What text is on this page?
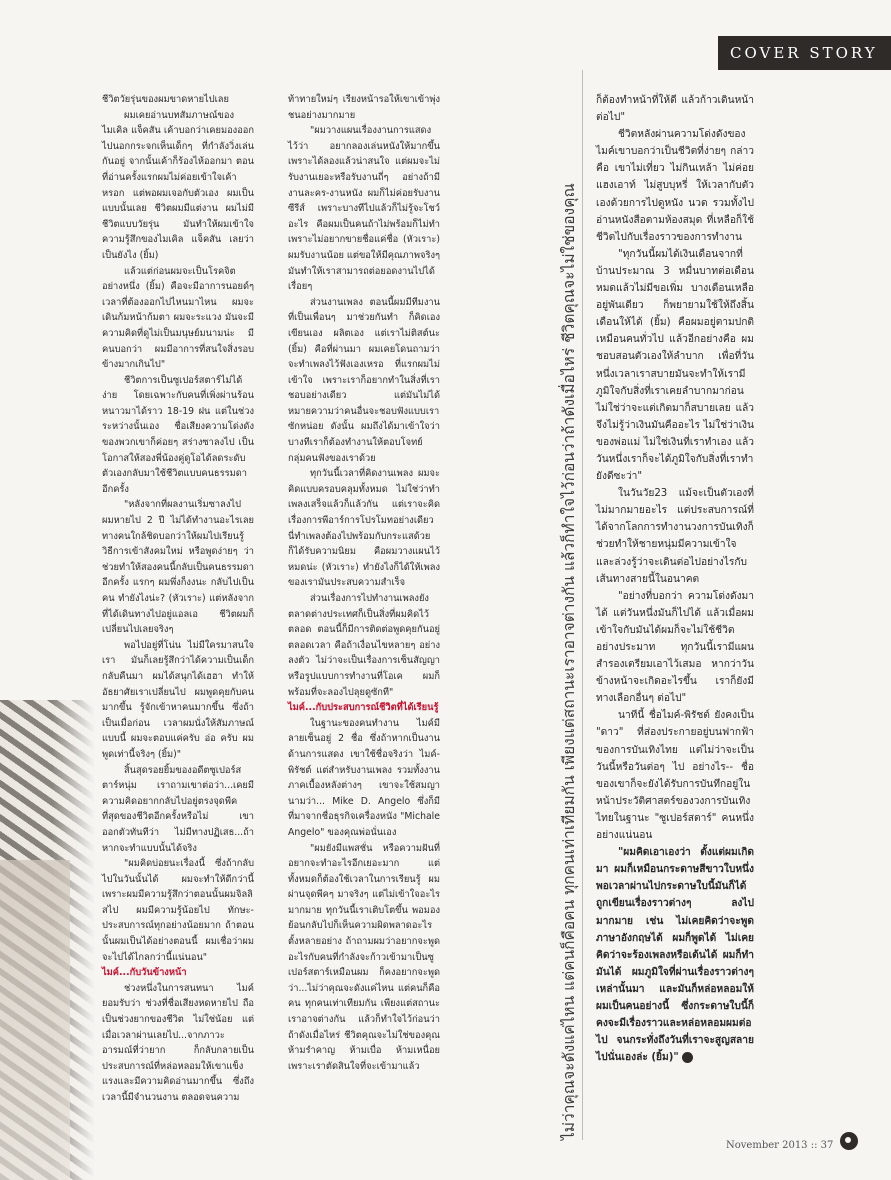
COVER STORY

ชีวิตวัยรุ่นของผมขาดหายไปเลย

ผมเคยอ่านบทสัมภาษณ์ของไมเคิล แจ็คสัน เค้าบอกว่าเคยมองออกไปนอกกระจกเห็นเด็กๆ ที่กำลังวิ่งเล่นกันอยู่ จากนั้นเค้าก็ร้องไห้ออกมา ตอนที่อ่านครั้งแรกผมไม่ค่อยเข้าใจเค้าหรอก แต่พอผมเจอกับตัวเอง ผมเป็นแบบนั้นเลย ชีวิตผมมีแต่งาน ผมไม่มีชีวิตแบบวัยรุ่น มันทำให้ผมเข้าใจความรู้สึกของไมเคิล แจ็คสัน เลยว่าเป็นยังไง (ยิ้ม)

แล้วแต่ก่อนผมจะเป็นโรคจิตอย่างหนึ่ง (ยิ้ม) คือจะมีอาการนอยด์ๆ เวลาที่ต้องออกไปไหนมาไหน ผมจะเดินก้มหน้าก้มตา ผมจะระแวง มันจะมีความคิดที่ดูไม่เป็นมนุษย์มนามน่ะ มีคนบอกว่า ผมมีอาการที่สนใจสิ่งรอบข้างมากเกินไป"

ชีวิตการเป็นซูเปอร์สตาร์ไม่ได้ง่าย โดยเฉพาะกับคนที่เพิ่งผ่านร้อนหนาวมาได้ราว 18-19 ฝน แต่ในช่วงระหว่างนั้นเอง ชื่อเสียงความโด่งดังของพวกเขาก็ค่อยๆ สร่างซาลงไป เป็นโอกาสให้สองพี่น้องคู่ดูโอได้ลดระดับตัวเองกลับมาใช้ชีวิตแบบคนธรรมดาอีกครั้ง

"หลังจากที่ผลงานเริ่มซาลงไป ผมหายไป 2 ปี ไม่ได้ทำงานอะไรเลย ทางคนใกล้ชิดบอกว่าให้ผมไปเรียนรู้วิธีการเข้าสังคมใหม่ หรือพูดง่ายๆ ว่าช่วยทำให้สองคนนี้กลับเป็นคนธรรมดาอีกครั้ง แรกๆ ผมพึ่งก็งงนะ กลับไปเป็นคน ทำยังไงน่ะ? (หัวเราะ) แต่หลังจากที่ได้เดินทางไปอยู่แอลเอ ชีวิตผมก็เปลี่ยนไปเลยจริงๆ

พอไปอยู่ที่โน่น ไม่มีใครมาสนใจเรา มันก็เลยรู้สึกว่าได้ความเป็นเด็กกลับคืนมา ผมได้สนุกได้เฮฮา ทำให้อัธยาศัยเราเปลี่ยนไป ผมพูดคุยกับคนมากขึ้น รู้จักเข้าหาคนมากขึ้น ซึ่งถ้าเป็นเมื่อก่อน เวลาผมนั่งให้สัมภาษณ์แบบนี้ ผมจะตอบแค่ครับ อ่อ ครับ ผมพูดเท่านี้จริงๆ (ยิ้ม)"

สิ้นสุดรอยยิ้มของอดีตซูเปอร์สตาร์หนุ่ม เราถามเขาต่อว่า...เคยมีความคิดอยากกลับไปอยู่ตรงจุดพีคที่สุดของชีวิตอีกครั้งหรือไม่ เขาออกตัวทันทีว่า ไม่มีทางปฏิเสธ...ถ้าหากจะทำแบบนั้นได้จริง

"ผมคิดบ่อยนะเรื่องนี้ ซึ่งถ้ากลับไปในวันนั้นได้ ผมจะทำให้ดีกว่านี้ เพราะผมมีความรู้สึกว่าตอนนั้นผมจิลลิสไป ผมมีความรู้น้อยไป ทักษะ-ประสบการณ์ทุกอย่างน้อยมาก ถ้าตอนนั้นผมเป็นได้อย่างตอนนี้ ผมเชื่อว่าผมจะไปได้ไกลกว่านี้แน่นอน"

ไมค์...กับวันข้างหน้า

ช่วงหนึ่งในการสนทนา ไมค์ยอมรับว่า ช่วงที่ชื่อเสียงหดหายไป ถือเป็นช่วงยากของชีวิต ไม่ใช่น้อย แต่เมื่อเวลาผ่านเลยไป...จากภาวะอารมณ์ที่ว่ายาก ก็กลับกลายเป็นประสบการณ์ที่หล่อหลอมให้เขาแข็งแรงและมีความคิดอ่านมากขึ้น ซึ่งถึงเวลานี้มีจำนวนงาน ตลอดจนความ

ท้าทายใหม่ๆ เรียงหน้ารอให้เขาเข้าพุ่งชนอย่างมากมาย

"ผมวางแผนเรื่องงานการแสดงไว้ว่า อยากลองเล่นหนังให้มากขึ้น เพราะได้ลองแล้วน่าสนใจ แต่ผมจะไม่รับงานเยอะหรือรับงานถี่ๆ อย่างถ้ามีงานละคร-งานหนัง ผมก็ไม่ค่อยรับงานซีรีส์ เพราะบางทีไปแล้วก็ไม่รู้จะโชว์อะไร คือผมเป็นคนถ้าไม่พร้อมก็ไม่ทำ เพราะไม่อยากขายชื่อแค่ชื่อ (หัวเราะ) ผมรับงานน้อย แต่ขอให้มีคุณภาพจริงๆ มันทำให้เราสามารถต่อยอดงานไปได้เรื่อยๆ

ส่วนงานเพลง ตอนนี้ผมมีทีมงานที่เป็นเพื่อนๆ มาช่วยกันทำ ก็คิดเอง เขียนเอง ผลิตเอง แต่เราไม่ติสต์นะ (ยิ้ม) คือที่ผ่านมา ผมเคยโดนถามว่า จะทำเพลงไว้ฟังเองเหรอ ที่แรกผมไม่เข้าใจ เพราะเราก็อยากทำในสิ่งที่เราชอบอย่างเดียว แต่มันไม่ได้หมายความว่าคนอื่นจะชอบฟังแบบเราซักหน่อย ดังนั้น ผมถึงได้มาเข้าใจว่า บางทีเราก็ต้องทำงานให้ตอบโจทย์กลุ่มคนฟังของเราด้วย

ทุกวันนี้เวลาที่คิดงานเพลง ผมจะคิดแบบครอบคลุมทั้งหมด ไม่ใช่ว่าทำเพลงเสร็จแล้วก็แล้วกัน แต่เราจะคิดเรื่องการพีอาร์การโปรโมทอย่างเดียวนี่ทำเพลงต้องไปพร้อมกับกระแสด้วยก็ได้รับความนิยม คือผมวางแผนไว้หมดน่ะ (หัวเราะ) ทำยังไงก็ได้ให้เพลงของเรามันประสบความสำเร็จ

ส่วนเรื่องการไปทำงานเพลงยังตลาดต่างประเทศก็เป็นสิ่งที่ผมคิดไว้ตลอด ตอนนี้ก็มีการติดต่อพูดคุยกันอยู่ตลอดเวลา คือถ้าเงื่อนไขหลายๆ อย่างลงตัว ไม่ว่าจะเป็นเรื่องการเซ็นสัญญาหรือรูปแบบการทำงานที่โอเค ผมก็พร้อมที่จะลองไปลุยดูซักที"

ไมค์...กับประสบการณ์ชีวิตที่ได้เรียนรู้

ในฐานะของคนทำงาน ไมค์มีลายเซ็นอยู่ 2 ชื่อ ซึ่งถ้าหากเป็นงานด้านการแสดง เขาใช้ชื่อจริงว่า ไมค์-พิรัชต์ แต่สำหรับงานเพลง รวมทั้งงานภาคเบื้องหลังต่างๆ เขาจะใช้สมญานามว่า... Mike D. Angelo ซึ่งก็มีที่มาจากชื่อธุรกิจเครื่องหนัง "Michale Angelo" ของคุณพ่อนั่นเอง

"ผมยังมีแพสชั่น หรือความฝันที่อยากจะทำอะไรอีกเยอะมาก แต่ทั้งหมดก็ต้องใช้เวลาในการเรียนรู้ ผมผ่านจุดพีคๆ มาจริงๆ แต่ไม่เข้าใจอะไรมากมาย ทุกวันนี้เราเติบโตขึ้น พอมองย้อนกลับไปก็เห็นความผิดพลาดอะไรตั้งหลายอย่าง ถ้าถามผมว่าอยากจะพูดอะไรกับคนที่กำลังจะก้าวเข้ามาเป็นซูเปอร์สตาร์เหมือนผม ก็คงอยากจะพูดว่า...ไม่ว่าคุณจะดังแค่ไหน แต่คนก็คือคน ทุกคนเท่าเทียมกัน เพียงแต่สถานะเราอาจต่างกัน แล้วก็ทำใจไว้ก่อนว่าถ้าดังเมื่อไหร่ ชีวิตคุณจะไม่ใช่ของคุณ ห้ามรำคาญ ห้ามเบื่อ ห้ามเหนื่อย เพราะเราตัดสินใจที่จะเข้ามาแล้ว	ไม่ว่าคุณจะดังแค่ไหน แต่คนก็คือคน ทุกคนเท่าเทียมกัน เพียงแต่สถานะเราอาจต่างกัน แล้วก็ทำใจไว้ก่อนว่าถ้าดังเมื่อไหร่ ชีวิตคุณจะไม่ใช่ของคุณ

ก็ต้องทำหน้าที่ให้ดี แล้วก้าวเดินหน้าต่อไป"

ชีวิตหลังผ่านความโด่งดังของไมค์เขาบอกว่าเป็นชีวิตที่ง่ายๆ กล่าวคือ เขาไม่เที่ยว ไม่กินเหล้า ไม่ค่อยแฮงเอาท์ ไม่สูบบุหรี่ ให้เวลากับตัวเองด้วยการไปดูหนัง นวด รวมทั้งไปอ่านหนังสือตามห้องสมุด ที่เหลือก็ใช้ชีวิตไปกับเรื่องราวของการทำงาน

"ทุกวันนี้ผมได้เงินเดือนจากที่บ้านประมาณ 3 หมื่นบาทต่อเดือน หมดแล้วไม่มีขอเพิ่ม บางเดือนเหลืออยู่พันเดียว ก็พยายามใช้ให้ถึงสิ้นเดือนให้ได้ (ยิ้ม) คือผมอยู่ตามปกติเหมือนคนทั่วไป แล้วอีกอย่างคือ ผมชอบสอนตัวเองให้ลำบาก เพื่อที่วันหนึ่งเวลาเราสบายมันจะทำให้เรามีภูมิใจกับสิ่งที่เราเคยลำบากมาก่อน ไม่ใช่ว่าจะแต่เกิดมาก็สบายเลย แล้วจึงไม่รู้ว่าเงินมันคืออะไร ไม่ใช่ว่าเงินของพ่อแม่ ไม่ใช่เงินที่เราทำเอง แล้ววันหนึ่งเราก็จะได้ภูมิใจกับสิ่งที่เราทำยังดีซะว่า"

ในวันวัย23 แม้จะเป็นตัวเองที่ไม่มากมายอะไร แต่ประสบการณ์ที่ได้จากโลกการทำงานวงการบันเทิงก็ช่วยทำให้ชายหนุ่มมีความเข้าใจและล่วงรู้ว่าจะเดินต่อไปอย่างไรกับเส้นทางสายนี้ในอนาคต

"อย่างที่บอกว่า ความโด่งดังมาได้ แต่วันหนึ่งมันก็ไปได้ แล้วเมื่อผมเข้าใจกับมันได้ผมก็จะไม่ใช้ชีวิตอย่างประมาท ทุกวันนี้เรามีแผนสำรองเตรียมเอาไว้เสมอ หากว่าวันข้างหน้าจะเกิดอะไรขึ้น เราก็ยังมีทางเลือกอื่นๆ ต่อไป"

นาทีนี้ ชื่อไมค์-พิรัชต์ ยังคงเป็น "ดาว" ที่ส่องประกายอยู่บนฟากฟ้าของการบันเทิงไทย แต่ไม่ว่าจะเป็นวันนี้หรือวันต่อๆ ไป อย่างไร-- ชื่อของเขาก็จะยังได้รับการบันทึกอยู่ในหน้าประวัติศาสตร์ของวงการบันเทิงไทยในฐานะ "ซูเปอร์สตาร์" คนหนึ่งอย่างแน่นอน

"ผมคิดเอาเองว่า ตั้งแต่ผมเกิดมา ผมก็เหมือนกระดาษสีขาวใบหนึ่ง พอเวลาผ่านไปกระดาษใบนี้มันก็ได้ถูกเขียนเรื่องราวต่างๆ ลงไปมากมาย เช่น ไม่เคยคิดว่าจะพูดภาษาอังกฤษได้ ผมก็พูดได้ ไม่เคยคิดว่าจะร้องเพลงหรือเต้นได้ ผมก็ทำมันได้ ผมภูมิใจที่ผ่านเรื่องราวต่างๆ เหล่านั้นมา และมันก็หล่อหลอมให้ผมเป็นคนอย่างนี้ ซึ่งกระดาษใบนี้ก็คงจะมีเรื่องราวและหล่อหลอมผมต่อไป จนกระทั่งถึงวันที่เราจะสูญสลายไปนั่นเองล่ะ (ยิ้ม)"

November 2013 :: 37
